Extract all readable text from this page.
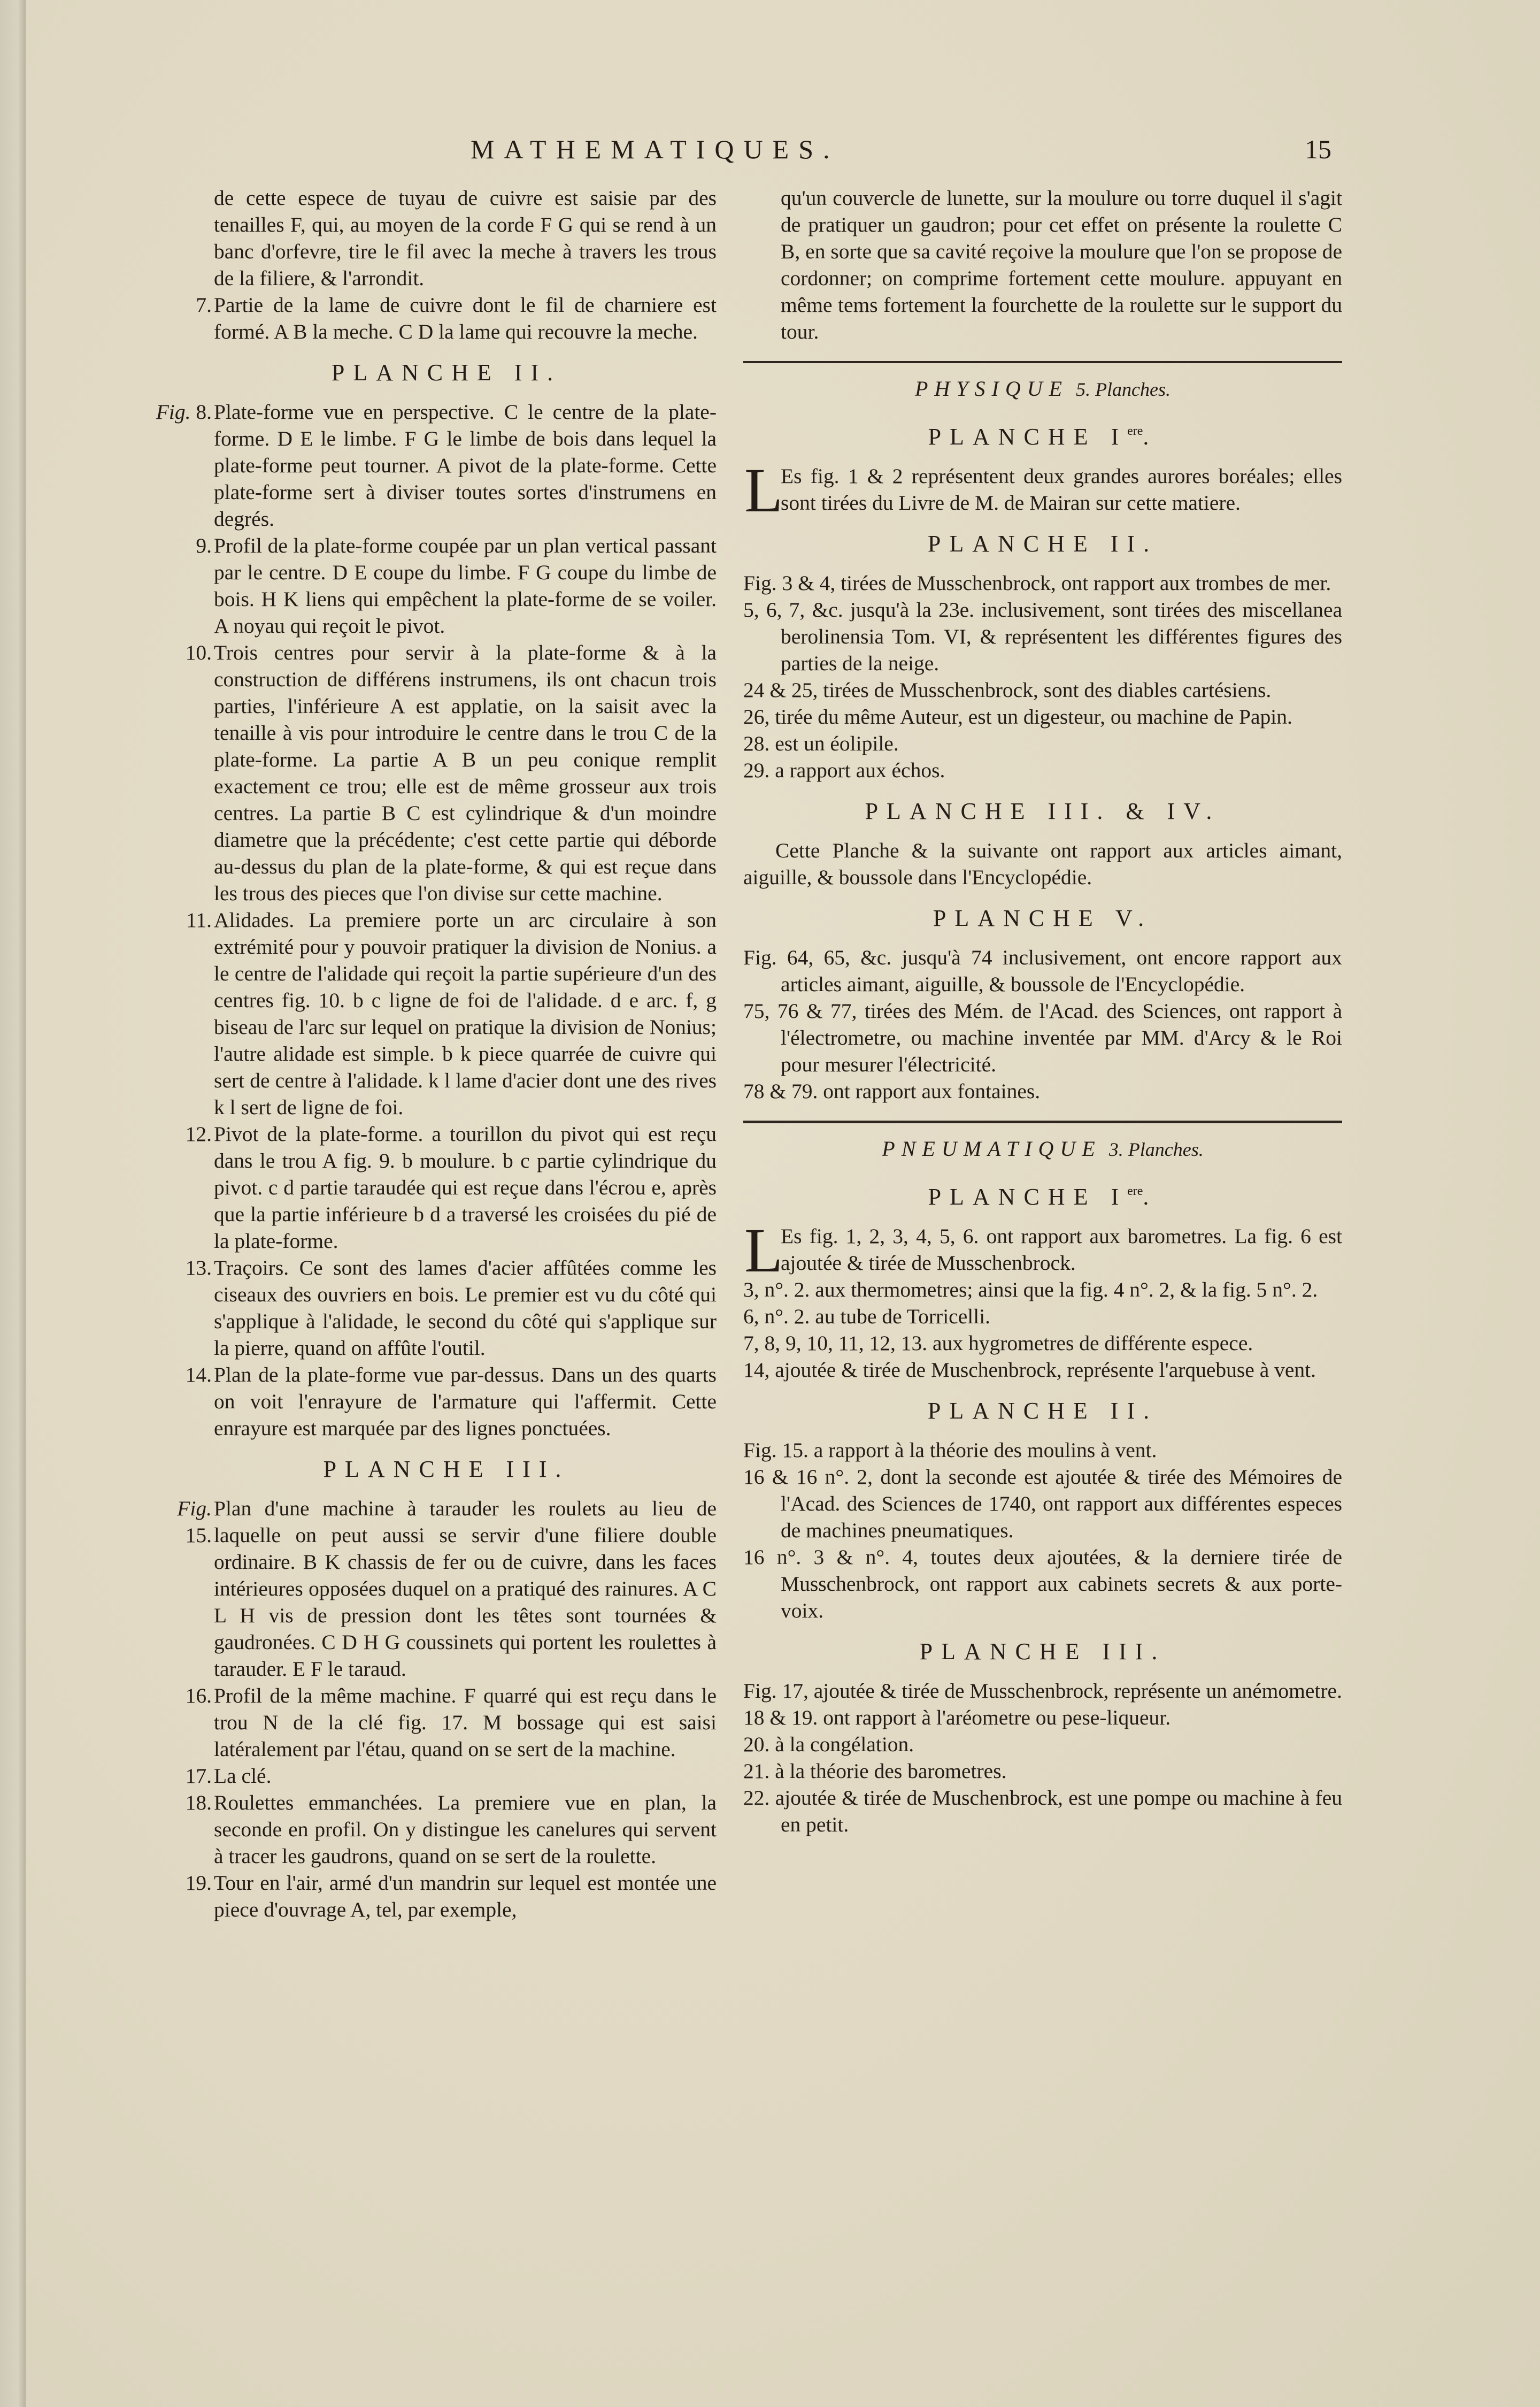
MATHEMATIQUES.	15

de cette espece de tuyau de cuivre est saisie par des tenailles F, qui, au moyen de la corde F G qui se rend à un banc d'orfevre, tire le fil avec la meche à travers les trous de la filiere, & l'arrondit.

7. Partie de la lame de cuivre dont le fil de charniere est formé. A B la meche. C D la lame qui recouvre la meche.
PLANCHE II.
Fig. 8. Plate-forme vue en perspective. C le centre de la plate-forme. D E le limbe. F G le limbe de bois dans lequel la plate-forme peut tourner. A pivot de la plate-forme. Cette plate-forme sert à diviser toutes sortes d'instrumens en degrés.
9. Profil de la plate-forme coupée par un plan vertical passant par le centre. D E coupe du limbe. F G coupe du limbe de bois. H K liens qui empêchent la plate-forme de se voiler. A noyau qui reçoit le pivot.
10. Trois centres pour servir à la plate-forme & à la construction de différens instrumens, ils ont chacun trois parties, l'inférieure A est applatie, on la saisit avec la tenaille à vis pour introduire le centre dans le trou C de la plate-forme. La partie A B un peu conique remplit exactement ce trou; elle est de même grosseur aux trois centres. La partie B C est cylindrique & d'un moindre diametre que la précédente; c'est cette partie qui déborde au-dessus du plan de la plate-forme, & qui est reçue dans les trous des pieces que l'on divise sur cette machine.
11. Alidades. La premiere porte un arc circulaire à son extrémité pour y pouvoir pratiquer la division de Nonius. a le centre de l'alidade qui reçoit la partie supérieure d'un des centres fig. 10. b c ligne de foi de l'alidade. d e arc. f, g biseau de l'arc sur lequel on pratique la division de Nonius; l'autre alidade est simple. b k piece quarrée de cuivre qui sert de centre à l'alidade. k l lame d'acier dont une des rives k l sert de ligne de foi.
12. Pivot de la plate-forme. a tourillon du pivot qui est reçu dans le trou A fig. 9. b moulure. b c partie cylindrique du pivot. c d partie taraudée qui est reçue dans l'écrou e, après que la partie inférieure b d a traversé les croisées du pié de la plate-forme.
13. Traçoirs. Ce sont des lames d'acier affûtées comme les ciseaux des ouvriers en bois. Le premier est vu du côté qui s'applique à l'alidade, le second du côté qui s'applique sur la pierre, quand on affûte l'outil.
14. Plan de la plate-forme vue par-dessus. Dans un des quarts on voit l'enrayure de l'armature qui l'affermit. Cette enrayure est marquée par des lignes ponctuées.
PLANCHE III.
Fig. 15.
Plan d'une machine à tarauder les roulets au lieu de laquelle on peut aussi se servir d'une filiere double ordinaire. B K chassis de fer ou de cuivre, dans les faces intérieures opposées duquel on a pratiqué des rainures. A C L H vis de pression dont les têtes sont tournées & gaudronées. C D H G coussinets qui portent les roulettes à tarauder. E F le taraud.
16. Profil de la même machine. F quarré qui est reçu dans le trou N de la clé fig. 17. M bossage qui est saisi latéralement par l'étau, quand on se sert de la machine.
17. La clé.
18. Roulettes emmanchées. La premiere vue en plan, la seconde en profil. On y distingue les canelures qui servent à tracer les gaudrons, quand on se sert de la roulette.
19. Tour en l'air, armé d'un mandrin sur lequel est montée une piece d'ouvrage A, tel, par exemple,

qu'un couvercle de lunette, sur la moulure ou torre duquel il s'agit de pratiquer un gaudron; pour cet effet on présente la roulette C B, en sorte que sa cavité reçoive la moulure que l'on se propose de cordonner; on comprime fortement cette moulure. appuyant en même tems fortement la fourchette de la roulette sur le support du tour.

PHYSIQUE 5. Planches.
PLANCHE Iere.
L
Es fig. 1 & 2 représentent deux grandes aurores boréales; elles sont tirées du Livre de M. de Mairan sur cette matiere.
PLANCHE II.

Fig. 3 & 4, tirées de Musschenbrock, ont rapport aux trombes de mer.

5, 6, 7, &c. jusqu'à la 23e. inclusivement, sont tirées des miscellanea berolinensia Tom. VI, & représentent les différentes figures des parties de la neige.

24 & 25, tirées de Musschenbrock, sont des diables cartésiens.

26, tirée du même Auteur, est un digesteur, ou machine de Papin.

28. est un éolipile.

29. a rapport aux échos.

PLANCHE III. & IV.

Cette Planche & la suivante ont rapport aux articles aimant, aiguille, & boussole dans l'Encyclopédie.

PLANCHE V.

Fig. 64, 65, &c. jusqu'à 74 inclusivement, ont encore rapport aux articles aimant, aiguille, & boussole de l'Encyclopédie.

75, 76 & 77, tirées des Mém. de l'Acad. des Sciences, ont rapport à l'électrometre, ou machine inventée par MM. d'Arcy & le Roi pour mesurer l'électricité.

78 & 79. ont rapport aux fontaines.

PNEUMATIQUE 3. Planches.
PLANCHE Iere.
L
Es fig. 1, 2, 3, 4, 5, 6. ont rapport aux barometres. La fig. 6 est ajoutée & tirée de Musschenbrock.

3, n°. 2. aux thermometres; ainsi que la fig. 4 n°. 2, & la fig. 5 n°. 2.

6, n°. 2. au tube de Torricelli.

7, 8, 9, 10, 11, 12, 13. aux hygrometres de différente espece.

14, ajoutée & tirée de Muschenbrock, représente l'arquebuse à vent.

PLANCHE II.

Fig. 15. a rapport à la théorie des moulins à vent.

16 & 16 n°. 2, dont la seconde est ajoutée & tirée des Mémoires de l'Acad. des Sciences de 1740, ont rapport aux différentes especes de machines pneumatiques.

16 n°. 3 & n°. 4, toutes deux ajoutées, & la derniere tirée de Musschenbrock, ont rapport aux cabinets secrets & aux porte-voix.

PLANCHE III.

Fig. 17, ajoutée & tirée de Musschenbrock, représente un anémometre.

18 & 19. ont rapport à l'aréometre ou pese-liqueur.

20. à la congélation.

21. à la théorie des barometres.

22. ajoutée & tirée de Muschenbrock, est une pompe ou machine à feu en petit.
